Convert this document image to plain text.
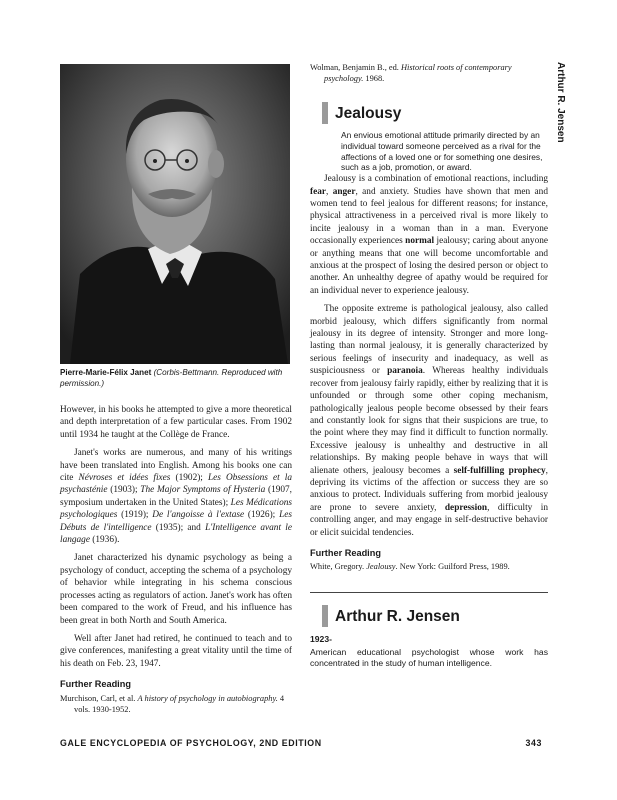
Pierre-Marie-Félix Janet (Corbis-Bettmann. Reproduced with permission.)

However, in his books he attempted to give a more theoretical and depth interpretation of a few particular cases. From 1902 until 1934 he taught at the Collège de France.

Janet's works are numerous, and many of his writings have been translated into English. Among his books one can cite Névroses et idées fixes (1902); Les Obsessions et la psychasténie (1903); The Major Symptoms of Hysteria (1907, symposium undertaken in the United States); Les Médications psychologiques (1919); De l'angoisse à l'extase (1926); Les Débuts de l'intelligence (1935); and L'Intelligence avant le langage (1936).

Janet characterized his dynamic psychology as being a psychology of conduct, accepting the schema of a psychology of behavior while integrating in his schema conscious processes acting as regulators of action. Janet's work has often been compared to the work of Freud, and his influence has been great in both North and South America.

Well after Janet had retired, he continued to teach and to give conferences, manifesting a great vitality until the time of his death on Feb. 23, 1947.

Further Reading

Murchison, Carl, et al. A history of psychology in autobiography. 4 vols. 1930-1952.

Wolman, Benjamin B., ed. Historical roots of contemporary psychology. 1968.

Jealousy

An envious emotional attitude primarily directed by an individual toward someone perceived as a rival for the affections of a loved one or for something one desires, such as a job, promotion, or award.

Jealousy is a combination of emotional reactions, including fear, anger, and anxiety. Studies have shown that men and women tend to feel jealous for different reasons; for instance, physical attractiveness in a perceived rival is more likely to incite jealousy in a woman than in a man. Everyone occasionally experiences normal jealousy; caring about anyone or anything means that one will become uncomfortable and anxious at the prospect of losing the desired person or object to another. An unhealthy degree of apathy would be required for an individual never to experience jealousy.

The opposite extreme is pathological jealousy, also called morbid jealousy, which differs significantly from normal jealousy in its degree of intensity. Stronger and more long-lasting than normal jealousy, it is generally characterized by serious feelings of insecurity and inadequacy, as well as suspiciousness or paranoia. Whereas healthy individuals recover from jealousy fairly rapidly, either by realizing that it is unfounded or through some other coping mechanism, pathologically jealous people become obsessed by their fears and constantly look for signs that their suspicions are true, to the point where they may find it difficult to function normally. Excessive jealousy is unhealthy and destructive in all relationships. By making people behave in ways that will alienate others, jealousy becomes a self-fulfilling prophecy, depriving its victims of the affection or success they are so anxious to protect. Individuals suffering from morbid jealousy are prone to severe anxiety, depression, difficulty in controlling anger, and may engage in self-destructive behavior or elicit suicidal tendencies.

Further Reading

White, Gregory. Jealousy. New York: Guilford Press, 1989.

Arthur R. Jensen
1923-

American educational psychologist whose work has concentrated in the study of human intelligence.

Arthur R. Jensen
GALE ENCYCLOPEDIA OF PSYCHOLOGY, 2ND EDITION	343
